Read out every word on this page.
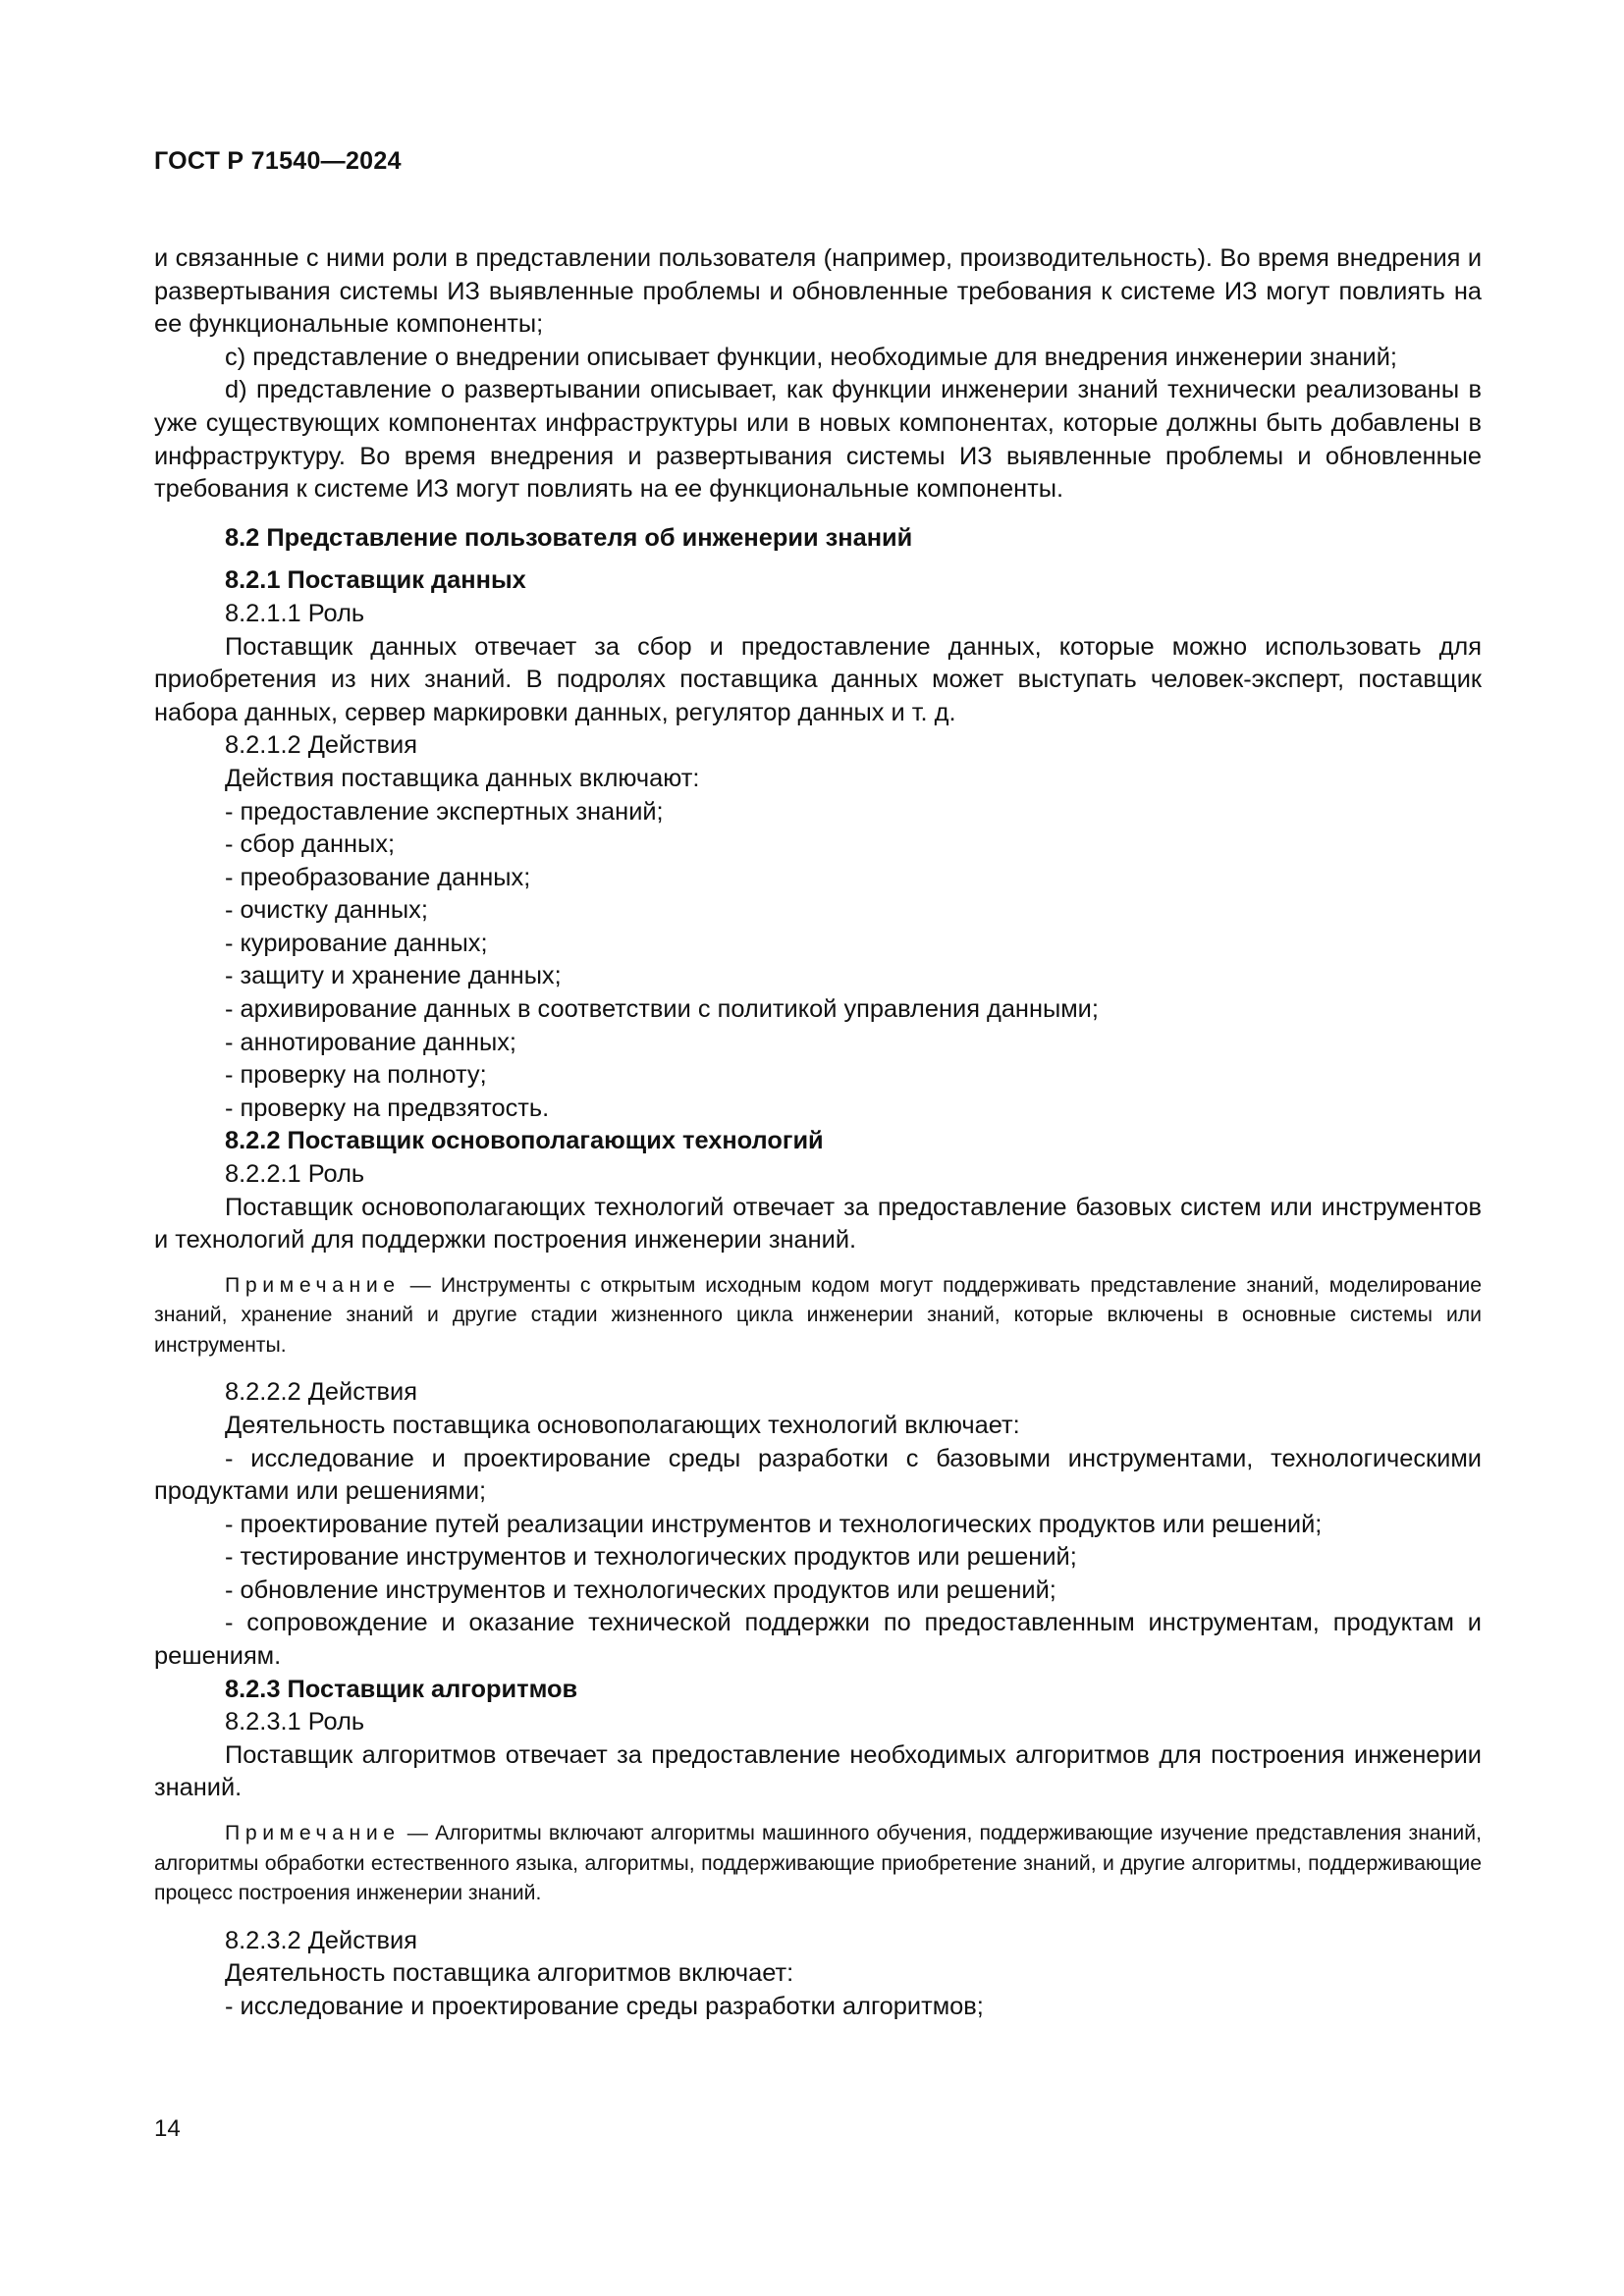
ГОСТ Р 71540—2024

и связанные с ними роли в представлении пользователя (например, производительность). Во время внедрения и развертывания системы ИЗ выявленные проблемы и обновленные требования к системе ИЗ могут повлиять на ее функциональные компоненты;

c) представление о внедрении описывает функции, необходимые для внедрения инженерии знаний;

d) представление о развертывании описывает, как функции инженерии знаний технически реализованы в уже существующих компонентах инфраструктуры или в новых компонентах, которые должны быть добавлены в инфраструктуру. Во время внедрения и развертывания системы ИЗ выявленные проблемы и обновленные требования к системе ИЗ могут повлиять на ее функциональные компоненты.

8.2 Представление пользователя об инженерии знаний

8.2.1 Поставщик данных

8.2.1.1 Роль

Поставщик данных отвечает за сбор и предоставление данных, которые можно использовать для приобретения из них знаний. В подролях поставщика данных может выступать человек-эксперт, поставщик набора данных, сервер маркировки данных, регулятор данных и т. д.

8.2.1.2 Действия

Действия поставщика данных включают:

- предоставление экспертных знаний;

- сбор данных;

- преобразование данных;

- очистку данных;

- курирование данных;

- защиту и хранение данных;

- архивирование данных в соответствии с политикой управления данными;

- аннотирование данных;

- проверку на полноту;

- проверку на предвзятость.

8.2.2 Поставщик основополагающих технологий

8.2.2.1 Роль

Поставщик основополагающих технологий отвечает за предоставление базовых систем или инструментов и технологий для поддержки построения инженерии знаний.

Примечание — Инструменты с открытым исходным кодом могут поддерживать представление знаний, моделирование знаний, хранение знаний и другие стадии жизненного цикла инженерии знаний, которые включены в основные системы или инструменты.

8.2.2.2 Действия

Деятельность поставщика основополагающих технологий включает:

- исследование и проектирование среды разработки с базовыми инструментами, технологическими продуктами или решениями;

- проектирование путей реализации инструментов и технологических продуктов или решений;

- тестирование инструментов и технологических продуктов или решений;

- обновление инструментов и технологических продуктов или решений;

- сопровождение и оказание технической поддержки по предоставленным инструментам, продуктам и решениям.

8.2.3 Поставщик алгоритмов

8.2.3.1 Роль

Поставщик алгоритмов отвечает за предоставление необходимых алгоритмов для построения инженерии знаний.

Примечание — Алгоритмы включают алгоритмы машинного обучения, поддерживающие изучение представления знаний, алгоритмы обработки естественного языка, алгоритмы, поддерживающие приобретение знаний, и другие алгоритмы, поддерживающие процесс построения инженерии знаний.

8.2.3.2 Действия

Деятельность поставщика алгоритмов включает:

- исследование и проектирование среды разработки алгоритмов;

14
